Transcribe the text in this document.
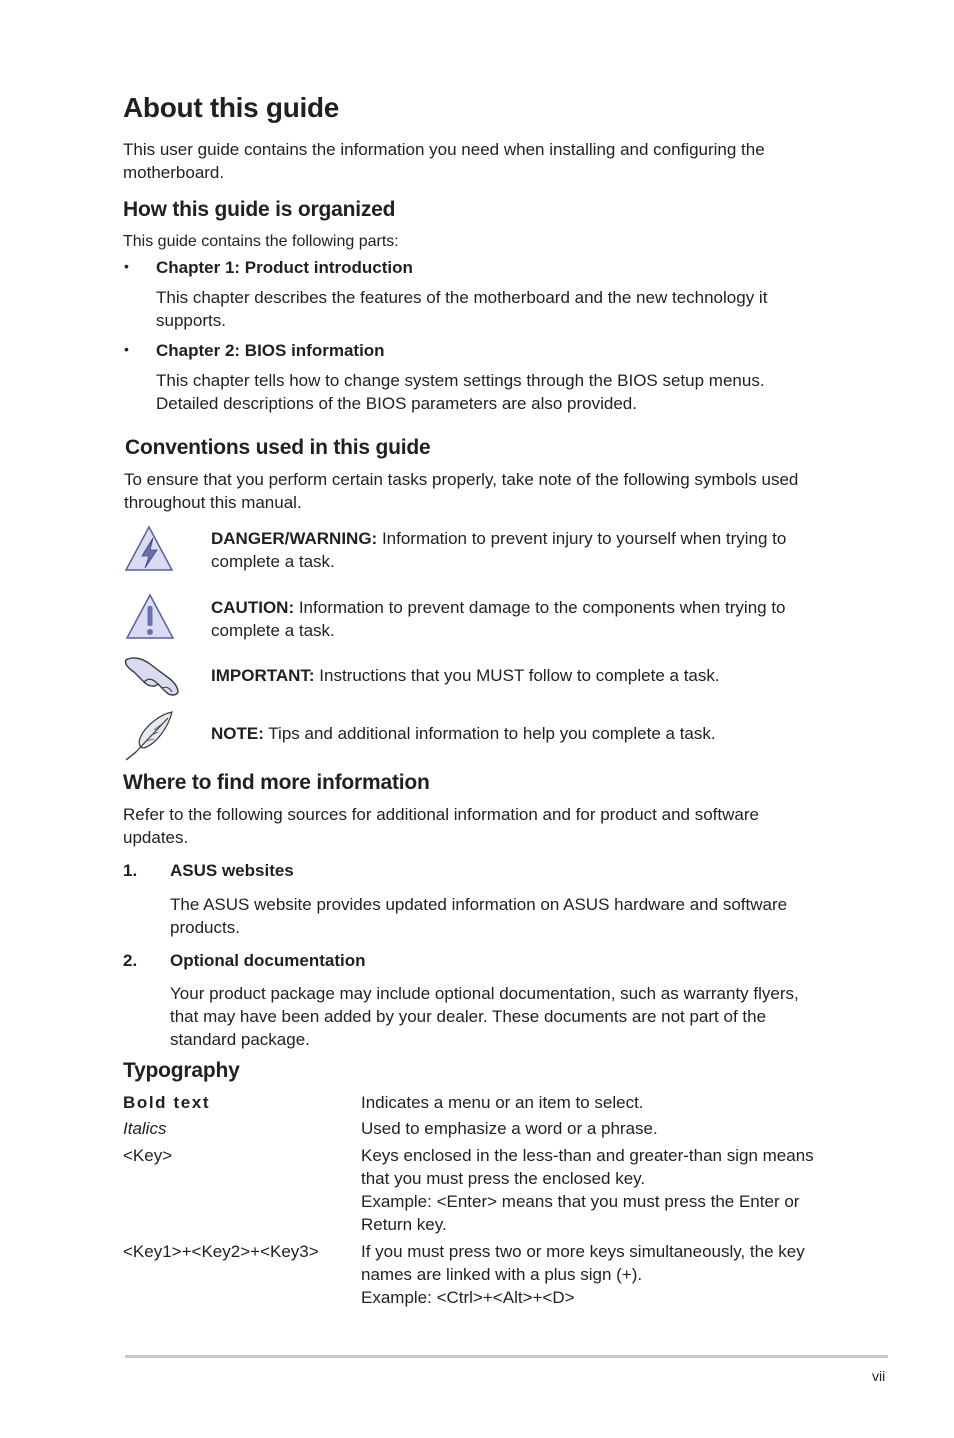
About this guide

This user guide contains the information you need when installing and configuring the motherboard.

How this guide is organized

This guide contains the following parts:

• Chapter 1: Product introduction

This chapter describes the features of the motherboard and the new technology it supports.

• Chapter 2: BIOS information

This chapter tells how to change system settings through the BIOS setup menus. Detailed descriptions of the BIOS parameters are also provided.

Conventions used in this guide

To ensure that you perform certain tasks properly, take note of the following symbols used throughout this manual.

DANGER/WARNING: Information to prevent injury to yourself when trying to complete a task.

CAUTION: Information to prevent damage to the components when trying to complete a task.

IMPORTANT: Instructions that you MUST follow to complete a task.

NOTE: Tips and additional information to help you complete a task.

Where to find more information

Refer to the following sources for additional information and for product and software updates.

1. ASUS websites

The ASUS website provides updated information on ASUS hardware and software products.

2. Optional documentation

Your product package may include optional documentation, such as warranty flyers, that may have been added by your dealer. These documents are not part of the standard package.

Typography

Bold text	Indicates a menu or an item to select.

Italics	Used to emphasize a word or a phrase.

<Key>	Keys enclosed in the less-than and greater-than sign means that you must press the enclosed key.

Example: <Enter> means that you must press the Enter or Return key.

<Key1>+<Key2>+<Key3> If you must press two or more keys simultaneously, the key names are linked with a plus sign (+).

Example: <Ctrl>+<Alt>+<D>

vii
